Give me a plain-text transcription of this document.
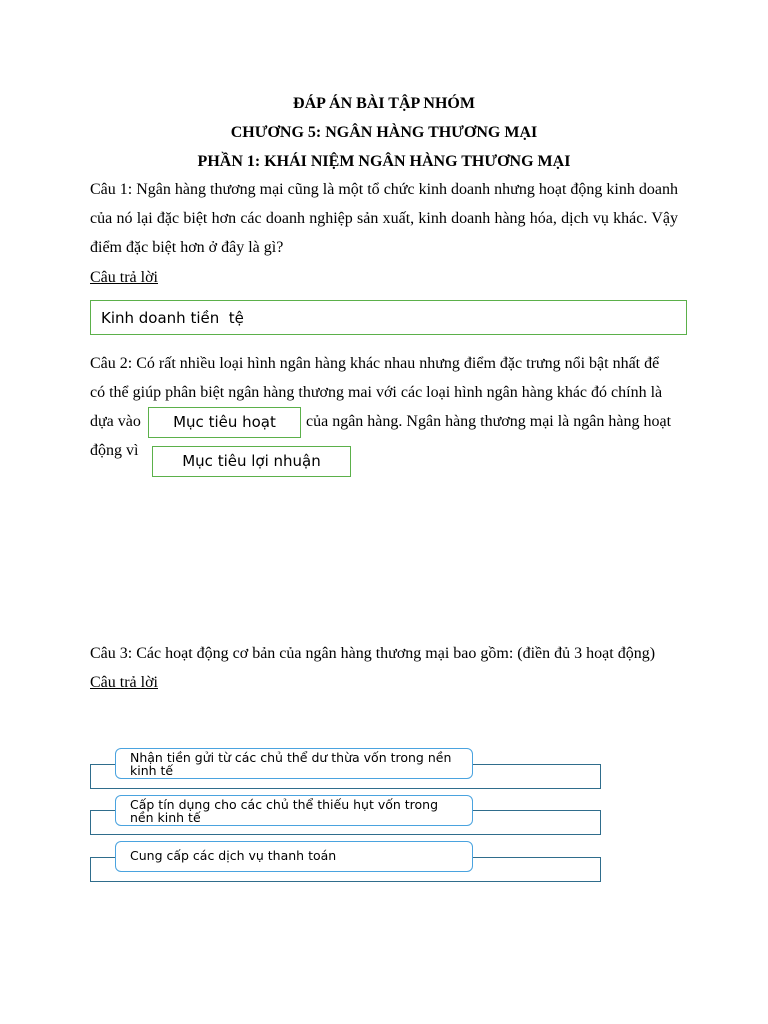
ĐÁP ÁN BÀI TẬP NHÓM
CHƯƠNG 5: NGÂN HÀNG THƯƠNG MẠI
PHẦN 1: KHÁI NIỆM NGÂN HÀNG THƯƠNG MẠI
Câu 1: Ngân hàng thương mại cũng là một tổ chức kinh doanh nhưng hoạt động kinh doanh của nó lại đặc biệt hơn các doanh nghiệp sản xuất, kinh doanh hàng hóa, dịch vụ khác. Vậy điểm đặc biệt hơn ở đây là gì?
Câu trả lời
Kinh doanh tiền  tệ
Câu 2: Có rất nhiều loại hình ngân hàng khác nhau nhưng điểm đặc trưng nổi bật nhất để
có thể giúp phân biệt ngân hàng thương mai với các loại hình ngân hàng khác đó chính là
dựa vào	Mục tiêu hoạt	của ngân hàng. Ngân hàng thương mại là ngân hàng hoạt
động vì
Mục tiêu lợi nhuận
Câu 3: Các hoạt động cơ bản của ngân hàng thương mại bao gồm: (điền đủ 3 hoạt động)
Câu trả lời
Nhận tiền gửi từ các chủ thể dư thừa vốn trong nền kinh tế
Cấp tín dụng cho các chủ thể thiếu hụt vốn trong nền kinh tế
Cung cấp các dịch vụ thanh toán
